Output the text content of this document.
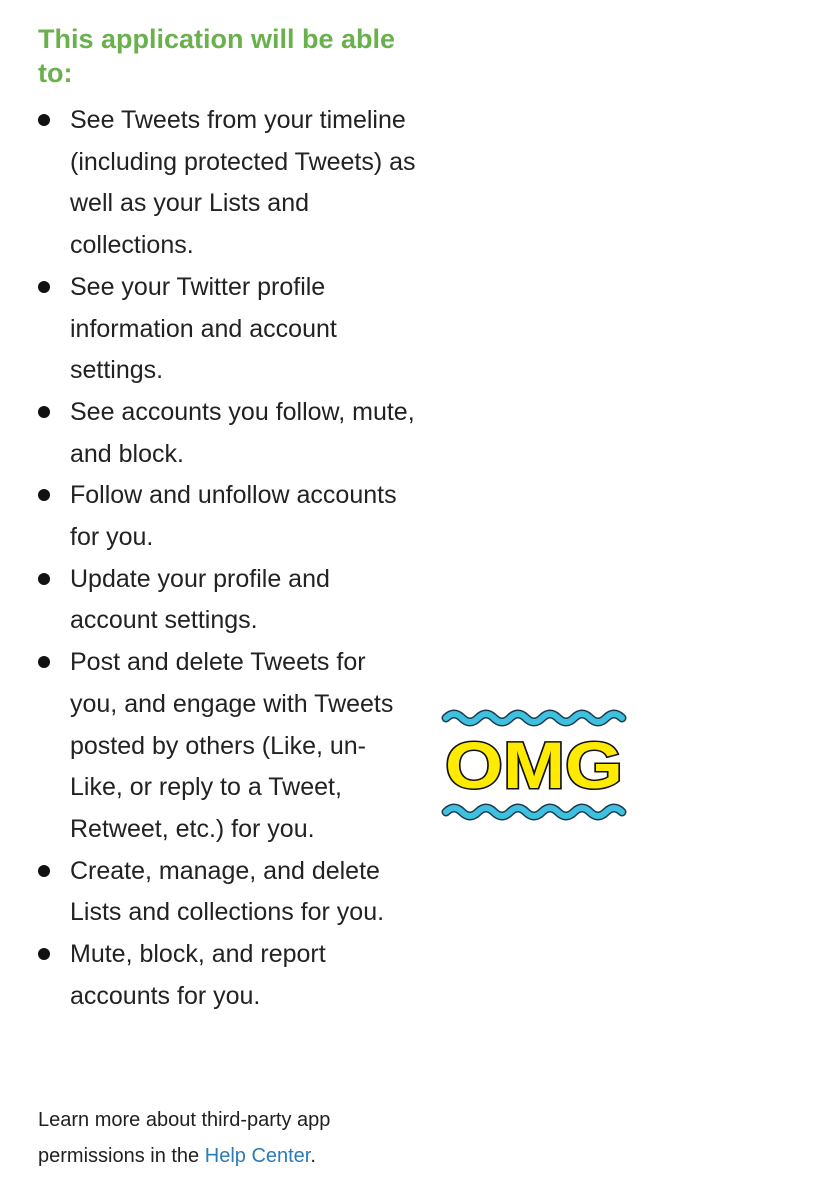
This application will be able to:
See Tweets from your timeline (including protected Tweets) as well as your Lists and collections.
See your Twitter profile information and account settings.
See accounts you follow, mute, and block.
Follow and unfollow accounts for you.
Update your profile and account settings.
Post and delete Tweets for you, and engage with Tweets posted by others (Like, un-Like, or reply to a Tweet, Retweet, etc.) for you.
Create, manage, and delete Lists and collections for you.
Mute, block, and report accounts for you.
OMG

Learn more about third-party app permissions in the Help Center.
